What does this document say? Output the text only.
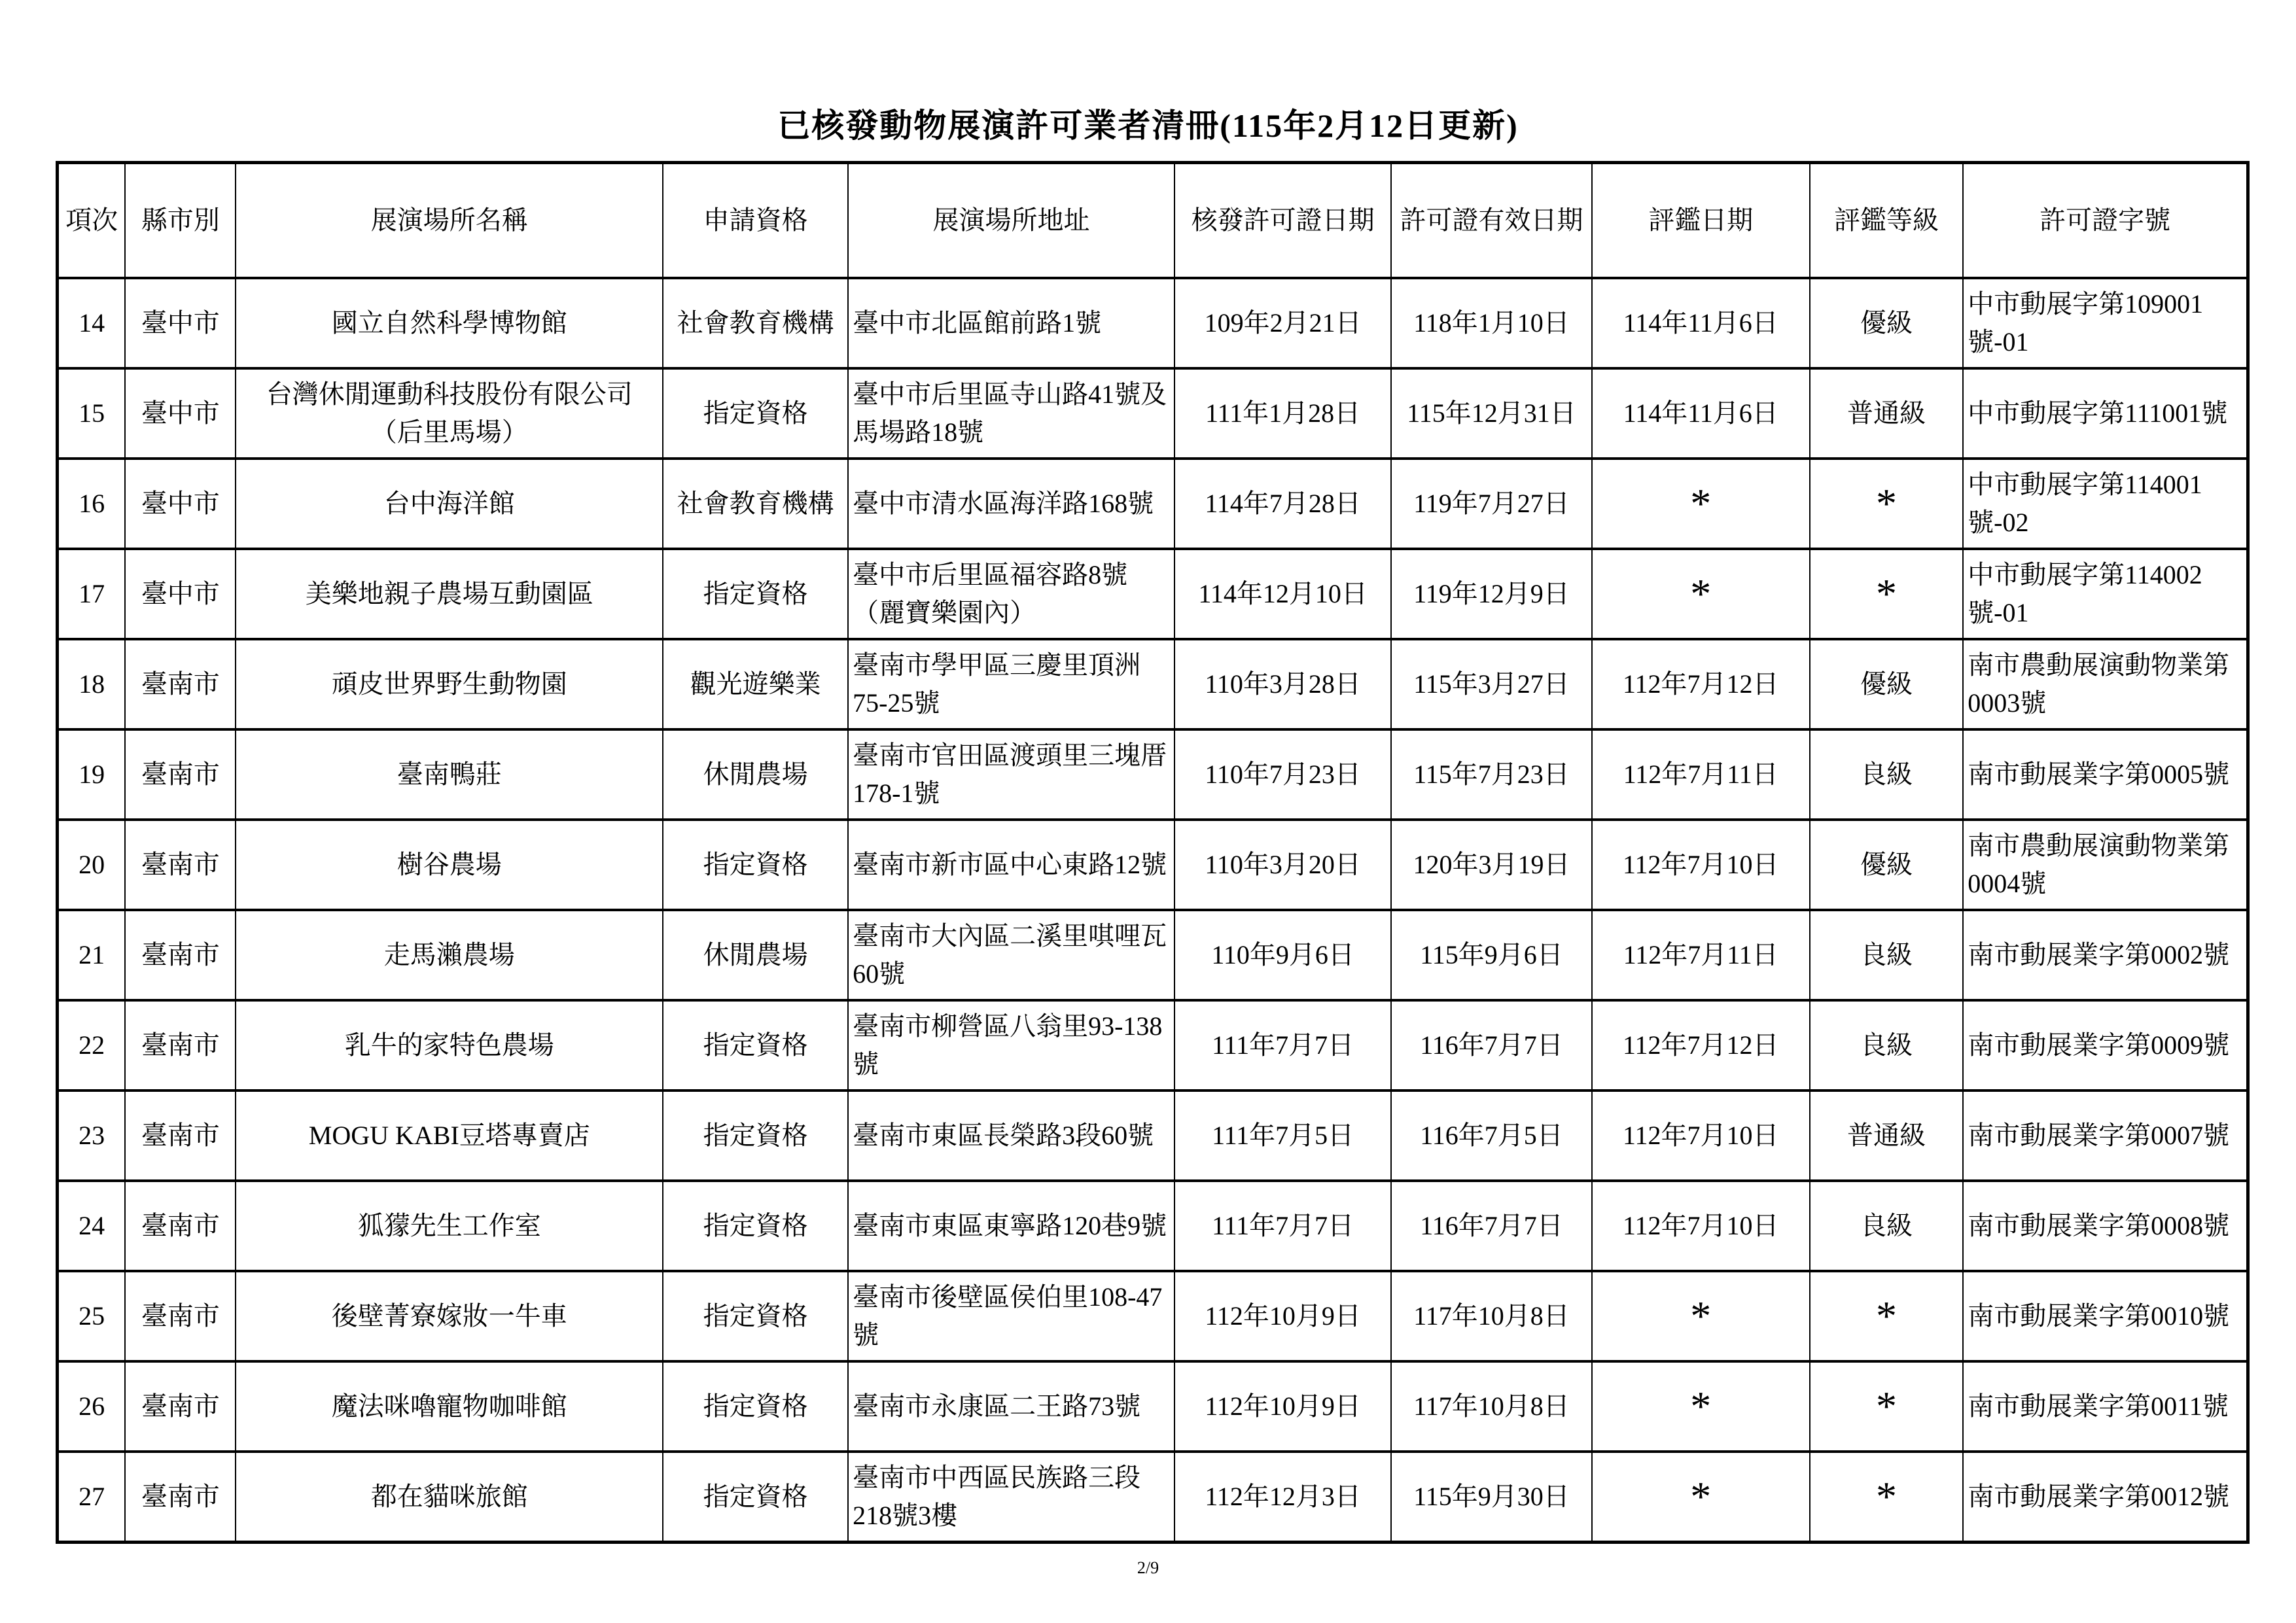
已核發動物展演許可業者清冊(115年2月12日更新)
項次	縣市別	展演場所名稱	申請資格	展演場所地址	核發許可證日期	許可證有效日期	評鑑日期	評鑑等級	許可證字號
14	臺中市	國立自然科學博物館	社會教育機構	臺中市北區館前路1號	109年2月21日	118年1月10日	114年11月6日	優級	中市動展字第109001號-01
15	臺中市	台灣休閒運動科技股份有限公司（后里馬場）	指定資格	臺中市后里區寺山路41號及馬場路18號	111年1月28日	115年12月31日	114年11月6日	普通級	中市動展字第111001號
16	臺中市	台中海洋館	社會教育機構	臺中市清水區海洋路168號	114年7月28日	119年7月27日	*	*	中市動展字第114001號-02
17	臺中市	美樂地親子農場互動園區	指定資格	臺中市后里區福容路8號（麗寶樂園內）	114年12月10日	119年12月9日	*	*	中市動展字第114002號-01
18	臺南市	頑皮世界野生動物園	觀光遊樂業	臺南市學甲區三慶里頂洲75-25號	110年3月28日	115年3月27日	112年7月12日	優級	南市農動展演動物業第0003號
19	臺南市	臺南鴨莊	休閒農場	臺南市官田區渡頭里三塊厝178-1號	110年7月23日	115年7月23日	112年7月11日	良級	南市動展業字第0005號
20	臺南市	樹谷農場	指定資格	臺南市新市區中心東路12號	110年3月20日	120年3月19日	112年7月10日	優級	南市農動展演動物業第0004號
21	臺南市	走馬瀨農場	休閒農場	臺南市大內區二溪里唭哩瓦60號	110年9月6日	115年9月6日	112年7月11日	良級	南市動展業字第0002號
22	臺南市	乳牛的家特色農場	指定資格	臺南市柳營區八翁里93-138號	111年7月7日	116年7月7日	112年7月12日	良級	南市動展業字第0009號
23	臺南市	MOGU KABI豆塔專賣店	指定資格	臺南市東區長榮路3段60號	111年7月5日	116年7月5日	112年7月10日	普通級	南市動展業字第0007號
24	臺南市	狐獴先生工作室	指定資格	臺南市東區東寧路120巷9號	111年7月7日	116年7月7日	112年7月10日	良級	南市動展業字第0008號
25	臺南市	後壁菁寮嫁妝一牛車	指定資格	臺南市後壁區侯伯里108-47號	112年10月9日	117年10月8日	*	*	南市動展業字第0010號
26	臺南市	魔法咪嚕寵物咖啡館	指定資格	臺南市永康區二王路73號	112年10月9日	117年10月8日	*	*	南市動展業字第0011號
27	臺南市	都在貓咪旅館	指定資格	臺南市中西區民族路三段218號3樓	112年12月3日	115年9月30日	*	*	南市動展業字第0012號
2/9
